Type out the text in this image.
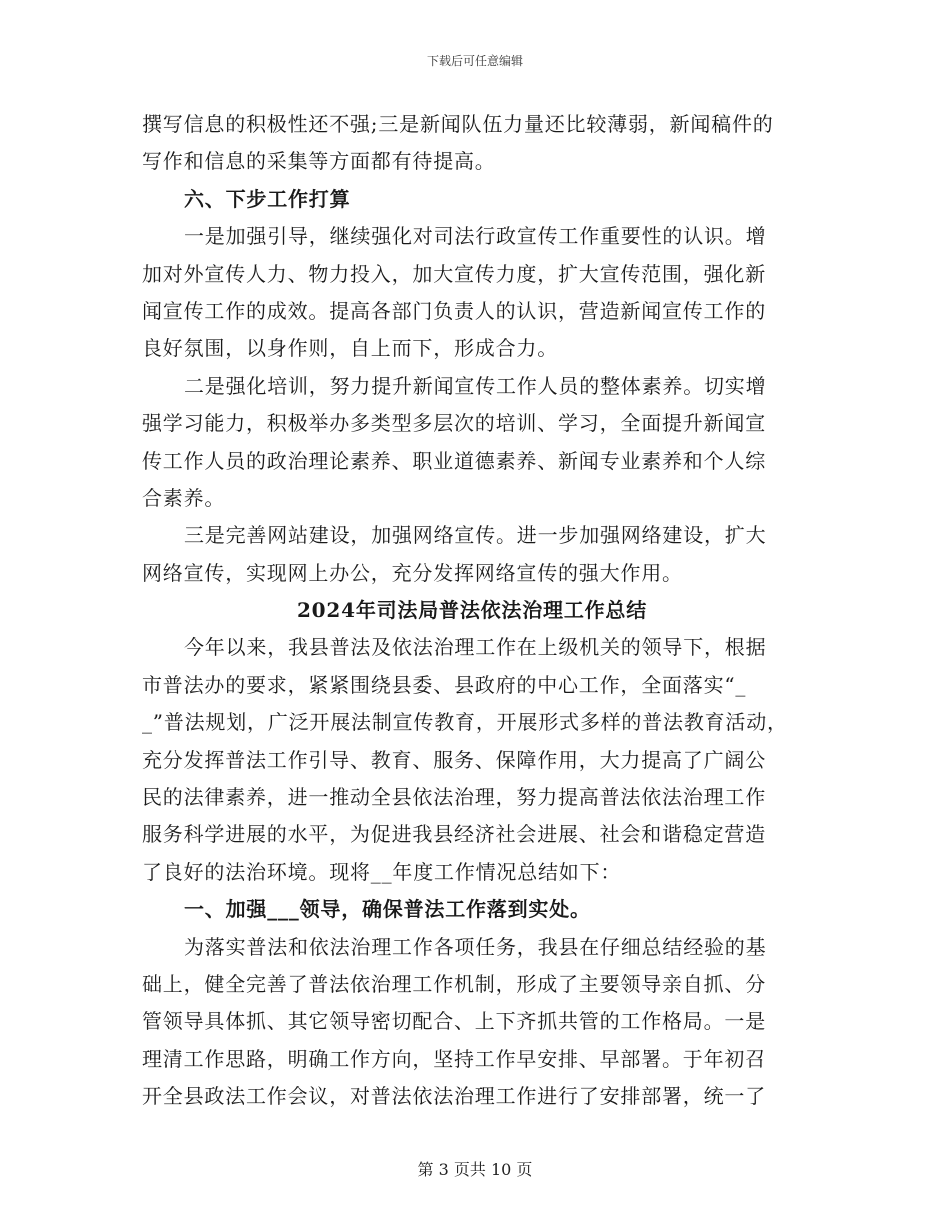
下载后可任意编辑
撰写信息的积极性还不强;三是新闻队伍力量还比较薄弱，新闻稿件的
写作和信息的采集等方面都有待提高。
六、下步工作打算
一是加强引导，继续强化对司法行政宣传工作重要性的认识。增
加对外宣传人力、物力投入，加大宣传力度，扩大宣传范围，强化新
闻宣传工作的成效。提高各部门负责人的认识，营造新闻宣传工作的
良好氛围，以身作则，自上而下，形成合力。
二是强化培训，努力提升新闻宣传工作人员的整体素养。切实增
强学习能力，积极举办多类型多层次的培训、学习，全面提升新闻宣
传工作人员的政治理论素养、职业道德素养、新闻专业素养和个人综
合素养。
三是完善网站建设，加强网络宣传。进一步加强网络建设，扩大
网络宣传，实现网上办公，充分发挥网络宣传的强大作用。
2024年司法局普法依法治理工作总结
今年以来，我县普法及依法治理工作在上级机关的领导下，根据
市普法办的要求，紧紧围绕县委、县政府的中心工作，全面落实“_
_”普法规划，广泛开展法制宣传教育，开展形式多样的普法教育活动，
充分发挥普法工作引导、教育、服务、保障作用，大力提高了广阔公
民的法律素养，进一推动全县依法治理，努力提高普法依法治理工作
服务科学进展的水平，为促进我县经济社会进展、社会和谐稳定营造
了良好的法治环境。现将__年度工作情况总结如下：
一、加强___领导，确保普法工作落到实处。
为落实普法和依法治理工作各项任务，我县在仔细总结经验的基
础上，健全完善了普法依治理工作机制，形成了主要领导亲自抓、分
管领导具体抓、其它领导密切配合、上下齐抓共管的工作格局。一是
理清工作思路，明确工作方向，坚持工作早安排、早部署。于年初召
开全县政法工作会议，对普法依法治理工作进行了安排部署，统一了
第 3 页共 10 页
